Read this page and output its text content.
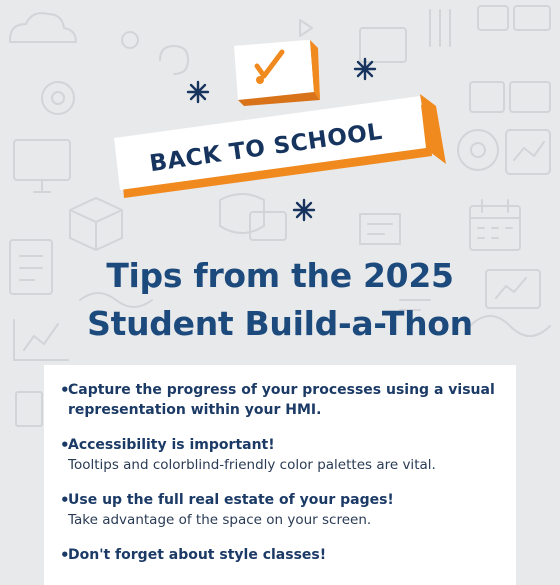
BACK TO SCHOOL
Tips from the 2025
Student Build-a-Thon
•
Capture the progress of your processes using a visual representation within your HMI.
•
Accessibility is important!
Tooltips and colorblind-friendly color palettes are vital.
•
Use up the full real estate of your pages!
Take advantage of the space on your screen.
•
Don't forget about style classes!
